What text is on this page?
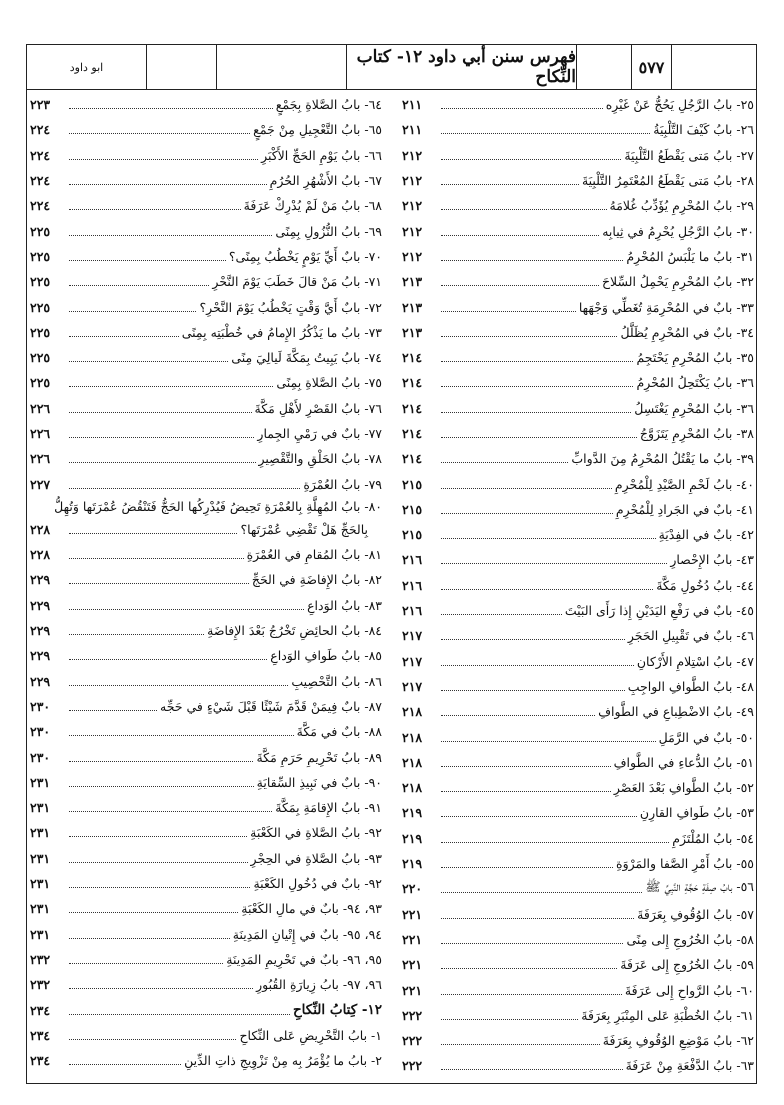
ابو داود	فهرس سنن أبي داود ١٢- كتاب النِّكاح	٥٧٧
٢٥- بابُ الرَّجُلِ يَحُجُّ عَنْ غَيْرِه
٢١١
٢٦- بابُ كَيْفَ التَّلْبِيَةُ
٢١١
٢٧- بابُ مَتى يَقْطَعُ التَّلْبِيَةَ
٢١٢
٢٨- بابُ مَتى يَقْطَعُ المُعْتَمِرُ التَّلْبِيَةَ
٢١٢
٢٩- بابُ المُحْرِمِ يُؤَدِّبُ غُلامَهُ
٢١٢
٣٠- بابُ الرَّجُلِ يُحْرِمُ في ثِيابِه
٢١٢
٣١- بابُ ما يَلْبَسُ المُحْرِمُ
٢١٢
٣٢- بابُ المُحْرِمِ يَحْمِلُ السِّلاحَ
٢١٣
٣٣- بابٌ في المُحْرِمَةِ تُغَطِّي وَجْهَها
٢١٣
٣٤- بابٌ في المُحْرِمِ يُظَلَّلُ
٢١٣
٣٥- بابُ المُحْرِمِ يَحْتَجِمُ
٢١٤
٣٦- بابُ يَكْتَحِلُ المُحْرِمُ
٢١٤
٣٦- بابُ المُحْرِمِ يَغْتَسِلُ
٢١٤
٣٨- بابُ المُحْرِمِ يَتَزَوَّجُ
٢١٤
٣٩- بابُ ما يَقْتُلُ المُحْرِمُ مِنَ الدَّوابِّ
٢١٤
٤٠- بابُ لَحْمِ الصَّيْدِ لِلْمُحْرِمِ
٢١٥
٤١- بابٌ في الجَرادِ لِلْمُحْرِمِ
٢١٥
٤٢- بابٌ في الفِدْيَةِ
٢١٥
٤٣- بابُ الإِحْصارِ
٢١٦
٤٤- بابُ دُخُولِ مَكَّةَ
٢١٦
٤٥- بابٌ في رَفْعِ اليَدَيْنِ إِذا رَأَى البَيْتَ
٢١٦
٤٦- بابٌ في تَقْبِيلِ الحَجَرِ
٢١٧
٤٧- بابُ اسْتِلامِ الأَرْكانِ
٢١٧
٤٨- بابُ الطَّوافِ الواجِبِ
٢١٧
٤٩- بابُ الاضْطِباعِ في الطَّوافِ
٢١٨
٥٠- بابٌ في الرَّمَلِ
٢١٨
٥١- بابُ الدُّعاءِ في الطَّوافِ
٢١٨
٥٢- بابُ الطَّوافِ بَعْدَ العَصْرِ
٢١٨
٥٣- بابُ طَوافِ القارِنِ
٢١٩
٥٤- بابُ المُلْتَزَمِ
٢١٩
٥٥- بابُ أَمْرِ الصَّفا والمَرْوَةِ
٢١٩
٥٦- بابُ صِفَةِ حَجَّةِ النَّبِيِّ ﷺ
٢٢٠
٥٧- بابُ الوُقُوفِ بِعَرَفَةَ
٢٢١
٥٨- بابُ الخُرُوجِ إِلى مِنًى
٢٢١
٥٩- بابُ الخُرُوجِ إِلى عَرَفَةَ
٢٢١
٦٠- بابُ الرَّواحِ إِلى عَرَفَةَ
٢٢١
٦١- بابُ الخُطْبَةِ عَلى المِنْبَرِ بِعَرَفَةَ
٢٢٢
٦٢- بابُ مَوْضِعِ الوُقُوفِ بِعَرَفَةَ
٢٢٢
٦٣- بابُ الدَّفْعَةِ مِنْ عَرَفَةَ
٢٢٢
٦٤- بابُ الصَّلاةِ بِجَمْعٍ
٢٢٣
٦٥- بابُ التَّعْجِيلِ مِنْ جَمْعٍ
٢٢٤
٦٦- بابُ يَوْمِ الحَجِّ الأَكْبَرِ
٢٢٤
٦٧- بابُ الأَشْهُرِ الحُرُمِ
٢٢٤
٦٨- بابُ مَنْ لَمْ يُدْرِكْ عَرَفَةَ
٢٢٤
٦٩- بابُ النُّزُولِ بِمِنًى
٢٢٥
٧٠- بابٌ أَيِّ يَوْمٍ يَخْطُبُ بِمِنًى؟
٢٢٥
٧١- بابُ مَنْ قالَ خَطَبَ يَوْمَ النَّحْرِ
٢٢٥
٧٢- بابٌ أَيَّ وَقْتٍ يَخْطُبُ يَوْمَ النَّحْرِ؟
٢٢٥
٧٣- بابُ ما يَذْكُرُ الإِمامُ في خُطْبَتِه بِمِنًى
٢٢٥
٧٤- بابُ يَبِيتُ بِمَكَّةَ لَيالِيَ مِنًى
٢٢٥
٧٥- بابُ الصَّلاةِ بِمِنًى
٢٢٥
٧٦- بابُ القَصْرِ لأَهْلِ مَكَّةَ
٢٢٦
٧٧- بابٌ في رَمْيِ الجِمارِ
٢٢٦
٧٨- بابُ الحَلْقِ والتَّقْصِيرِ
٢٢٦
٧٩- بابُ العُمْرَةِ
٢٢٧
٨٠- بابُ المُهِلَّةِ بِالعُمْرَةِ تَحِيضُ فَيُدْرِكُها الحَجُّ فَتَنْقُضُ عُمْرَتَها وَتُهِلُّ
بِالحَجِّ هَلْ تَقْضِي عُمْرَتَها؟
٢٢٨
٨١- بابُ المُقامِ في العُمْرَةِ
٢٢٨
٨٢- بابُ الإِفاضَةِ في الحَجِّ
٢٢٩
٨٣- بابُ الوَداعِ
٢٢٩
٨٤- بابُ الحائِضِ تَخْرُجُ بَعْدَ الإِفاضَةِ
٢٢٩
٨٥- بابُ طَوافِ الوَداعِ
٢٢٩
٨٦- بابُ التَّحْصِيبِ
٢٢٩
٨٧- بابٌ فِيمَنْ قَدَّمَ شَيْئًا قَبْلَ شَيْءٍ في حَجِّه
٢٣٠
٨٨- بابٌ في مَكَّةَ
٢٣٠
٨٩- بابُ تَحْرِيمِ حَرَمِ مَكَّةَ
٢٣٠
٩٠- بابٌ في نَبِيذِ السِّقايَةِ
٢٣١
٩١- بابُ الإِقامَةِ بِمَكَّةَ
٢٣١
٩٢- بابُ الصَّلاةِ في الكَعْبَةِ
٢٣١
٩٣- بابُ الصَّلاةِ في الحِجْرِ
٢٣١
٩٢- بابٌ في دُخُولِ الكَعْبَةِ
٢٣١
٩٣، ٩٤- بابٌ في مالِ الكَعْبَةِ
٢٣١
٩٤، ٩٥- بابٌ في إِتْيانِ المَدِينَةِ
٢٣١
٩٥، ٩٦- بابٌ في تَحْرِيمِ المَدِينَةِ
٢٣٢
٩٦، ٩٧- بابُ زِيارَةِ القُبُورِ
٢٣٢
١٢- كِتابُ النِّكاحِ
٢٣٤
١- بابُ التَّحْرِيضِ عَلى النِّكاحِ
٢٣٤
٢- بابُ ما يُؤْمَرُ بِه مِنْ تَزْوِيجِ ذاتِ الدِّينِ
٢٣٤
